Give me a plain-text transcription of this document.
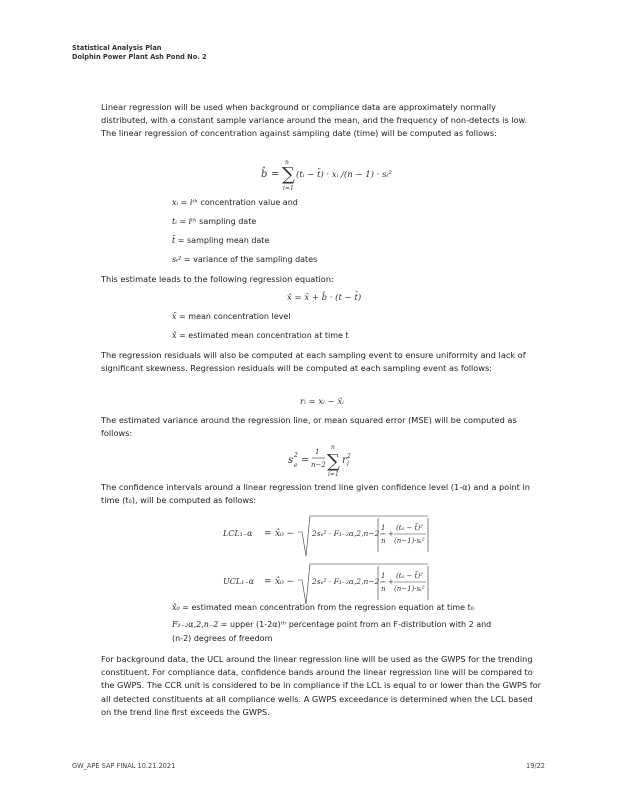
Statistical Analysis Plan
Dolphin Power Plant Ash Pond No. 2

Linear regression will be used when background or compliance data are approximately normally distributed, with a constant sample variance around the mean, and the frequency of non-detects is low. The linear regression of concentration against sampling date (time) will be computed as follows:

b̂ = ∑
n
i=1
(tᵢ − t̄) · xᵢ /(n − 1) · sₜ²
xᵢ = iᵗʰ concentration value and
tᵢ = iᵗʰ sampling date
t̄ = sampling mean date
sₜ² = variance of the sampling dates

This estimate leads to the following regression equation:

x̂ = x̄ + b̂ · (t − t̄)
x̄ = mean concentration level
x̂ = estimated mean concentration at time t

The regression residuals will also be computed at each sampling event to ensure uniformity and lack of significant skewness. Regression residuals will be computed at each sampling event as follows:

rᵢ = xᵢ − x̂ᵢ

The estimated variance around the regression line, or mean squared error (MSE) will be computed as follows:

s 2
e =
1
n−2 ∑
n
i=1
r 2
i

The confidence intervals around a linear regression trend line given confidence level (1-α) and a point in time (t₀), will be computed as follows:

LCL₁₋α = x̂₀ − 2sₑ² · F₁₋₂α,2,n−2 ·
1
n
+
(t₀ − t̄)²
(n−1)·sₜ²
UCL₁₋α = x̂₀ − 2sₑ² · F₁₋₂α,2,n−2 ·
1
n
+
(t₀ − t̄)²
(n−1)·sₜ²
x̂₀ = estimated mean concentration from the regression equation at time t₀
F₁₋₂α,2,n₋2 = upper (1-2α)ᵗʰ percentage point from an F-distribution with 2 and
(n-2) degrees of freedom

For background data, the UCL around the linear regression line will be used as the GWPS for the trending constituent. For compliance data, confidence bands around the linear regression line will be compared to the GWPS. The CCR unit is considered to be in compliance if the LCL is equal to or lower than the GWPS for all detected constituents at all compliance wells. A GWPS exceedance is determined when the LCL based on the trend line first exceeds the GWPS.

GW_APE SAP FINAL 10.21.2021	19/22
